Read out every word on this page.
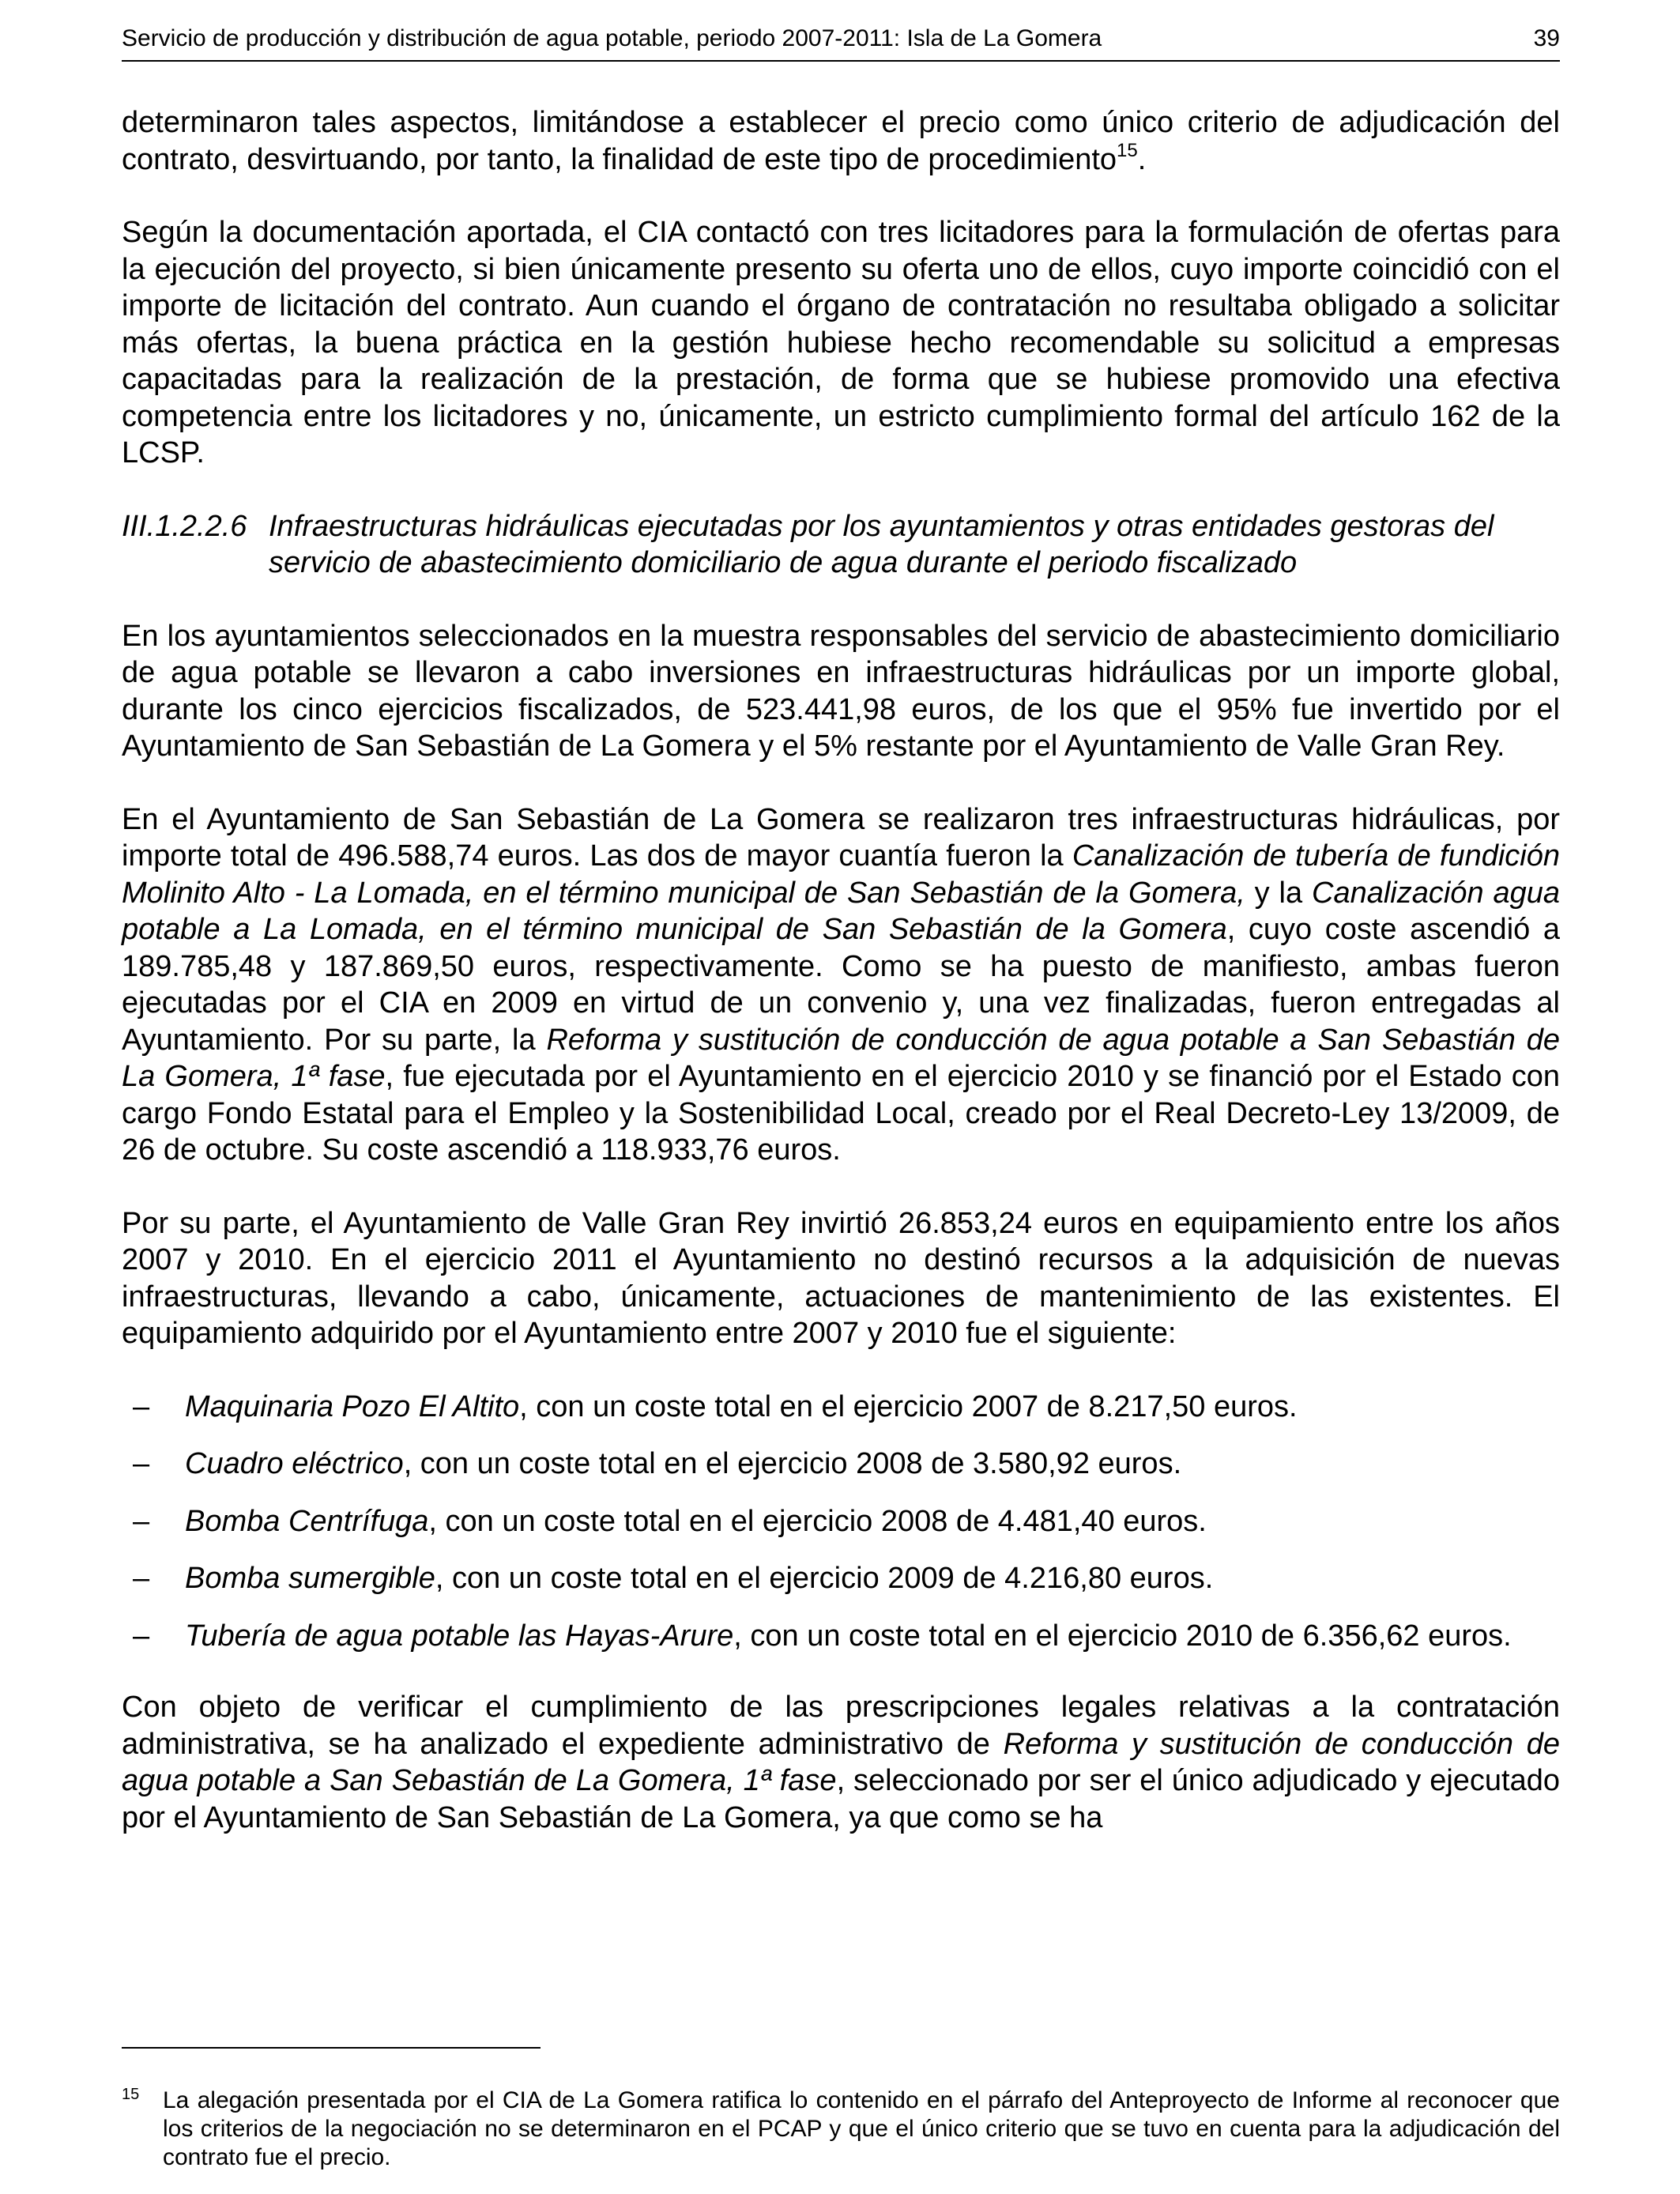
Servicio de producción y distribución de agua potable, periodo 2007-2011: Isla de La Gomera	39

determinaron tales aspectos, limitándose a establecer el precio como único criterio de adjudicación del contrato, desvirtuando, por tanto, la finalidad de este tipo de procedimiento$^{15}$.

Según la documentación aportada, el CIA contactó con tres licitadores para la formulación de ofertas para la ejecución del proyecto, si bien únicamente presento su oferta uno de ellos, cuyo importe coincidió con el importe de licitación del contrato. Aun cuando el órgano de contratación no resultaba obligado a solicitar más ofertas, la buena práctica en la gestión hubiese hecho recomendable su solicitud a empresas capacitadas para la realización de la prestación, de forma que se hubiese promovido una efectiva competencia entre los licitadores y no, únicamente, un estricto cumplimiento formal del artículo 162 de la LCSP.

III.1.2.2.6 Infraestructuras hidráulicas ejecutadas por los ayuntamientos y otras entidades gestoras del servicio de abastecimiento domiciliario de agua durante el periodo fiscalizado

En los ayuntamientos seleccionados en la muestra responsables del servicio de abastecimiento domiciliario de agua potable se llevaron a cabo inversiones en infraestructuras hidráulicas por un importe global, durante los cinco ejercicios fiscalizados, de 523.441,98 euros, de los que el 95% fue invertido por el Ayuntamiento de San Sebastián de La Gomera y el 5% restante por el Ayuntamiento de Valle Gran Rey.

En el Ayuntamiento de San Sebastián de La Gomera se realizaron tres infraestructuras hidráulicas, por importe total de 496.588,74 euros. Las dos de mayor cuantía fueron la Canalización de tubería de fundición Molinito Alto - La Lomada, en el término municipal de San Sebastián de la Gomera, y la Canalización agua potable a La Lomada, en el término municipal de San Sebastián de la Gomera, cuyo coste ascendió a 189.785,48 y 187.869,50 euros, respectivamente. Como se ha puesto de manifiesto, ambas fueron ejecutadas por el CIA en 2009 en virtud de un convenio y, una vez finalizadas, fueron entregadas al Ayuntamiento. Por su parte, la Reforma y sustitución de conducción de agua potable a San Sebastián de La Gomera, 1ª fase, fue ejecutada por el Ayuntamiento en el ejercicio 2010 y se financió por el Estado con cargo Fondo Estatal para el Empleo y la Sostenibilidad Local, creado por el Real Decreto-Ley 13/2009, de 26 de octubre. Su coste ascendió a 118.933,76 euros.

Por su parte, el Ayuntamiento de Valle Gran Rey invirtió 26.853,24 euros en equipamiento entre los años 2007 y 2010. En el ejercicio 2011 el Ayuntamiento no destinó recursos a la adquisición de nuevas infraestructuras, llevando a cabo, únicamente, actuaciones de mantenimiento de las existentes. El equipamiento adquirido por el Ayuntamiento entre 2007 y 2010 fue el siguiente:

–	Maquinaria Pozo El Altito, con un coste total en el ejercicio 2007 de 8.217,50 euros.
–	Cuadro eléctrico, con un coste total en el ejercicio 2008 de 3.580,92 euros.
–	Bomba Centrífuga, con un coste total en el ejercicio 2008 de 4.481,40 euros.
–	Bomba sumergible, con un coste total en el ejercicio 2009 de 4.216,80 euros.
–	Tubería de agua potable las Hayas-Arure, con un coste total en el ejercicio 2010 de 6.356,62 euros.

Con objeto de verificar el cumplimiento de las prescripciones legales relativas a la contratación administrativa, se ha analizado el expediente administrativo de Reforma y sustitución de conducción de agua potable a San Sebastián de La Gomera, 1ª fase, seleccionado por ser el único adjudicado y ejecutado por el Ayuntamiento de San Sebastián de La Gomera, ya que como se ha

15 La alegación presentada por el CIA de La Gomera ratifica lo contenido en el párrafo del Anteproyecto de Informe al reconocer que los criterios de la negociación no se determinaron en el PCAP y que el único criterio que se tuvo en cuenta para la adjudicación del contrato fue el precio.
